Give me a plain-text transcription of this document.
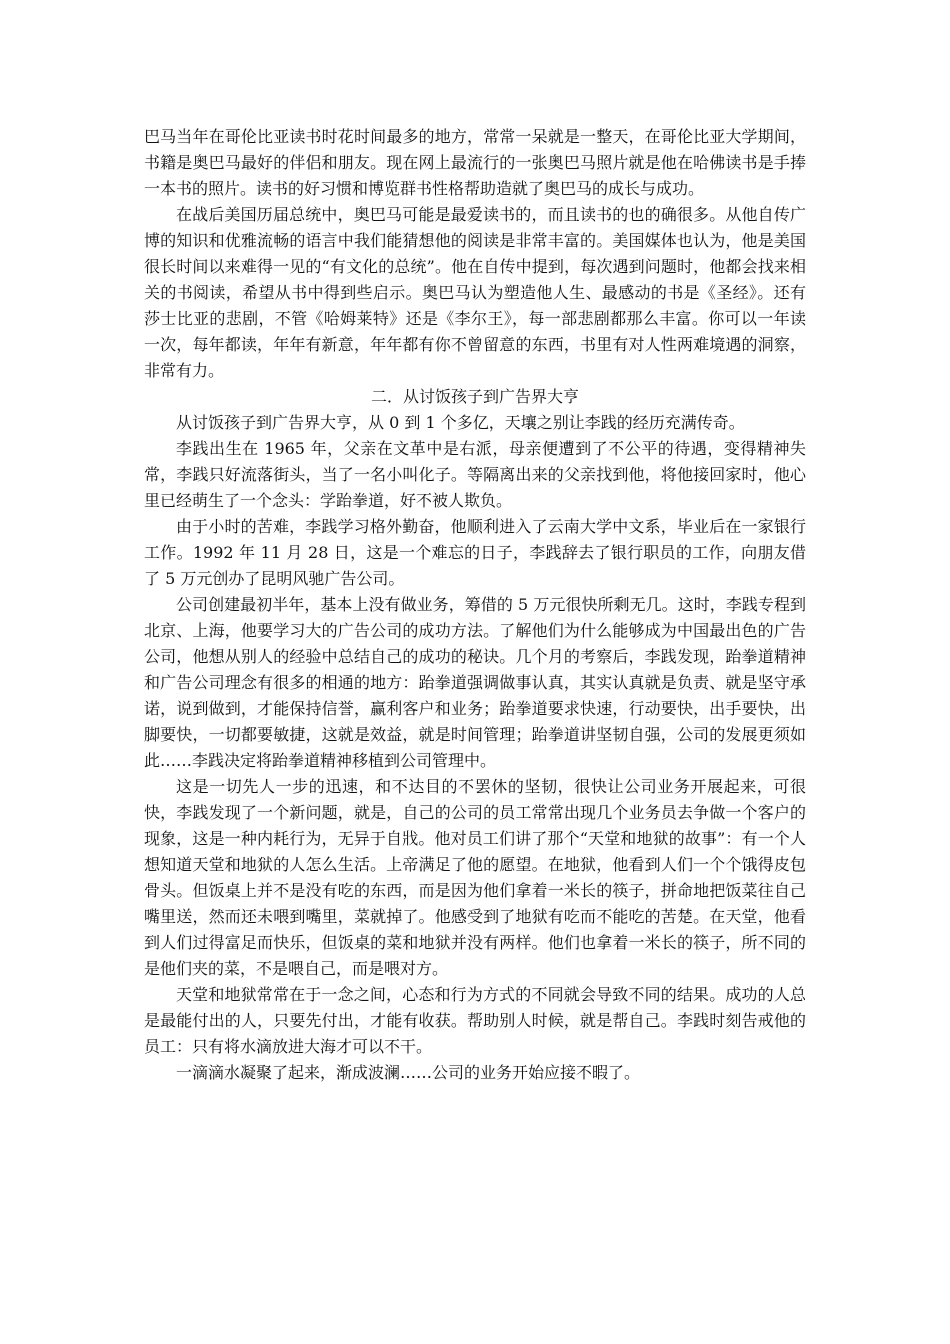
巴马当年在哥伦比亚读书时花时间最多的地方，常常一呆就是一整天，在哥伦比亚大学期间，书籍是奥巴马最好的伴侣和朋友。现在网上最流行的一张奥巴马照片就是他在哈佛读书是手捧一本书的照片。读书的好习惯和博览群书性格帮助造就了奥巴马的成长与成功。

在战后美国历届总统中，奥巴马可能是最爱读书的，而且读书的也的确很多。从他自传广博的知识和优雅流畅的语言中我们能猜想他的阅读是非常丰富的。美国媒体也认为，他是美国很长时间以来难得一见的“有文化的总统”。他在自传中提到，每次遇到问题时，他都会找来相关的书阅读，希望从书中得到些启示。奥巴马认为塑造他人生、最感动的书是《圣经》。还有莎士比亚的悲剧，不管《哈姆莱特》还是《李尔王》，每一部悲剧都那么丰富。你可以一年读一次，每年都读，年年有新意，年年都有你不曾留意的东西，书里有对人性两难境遇的洞察，非常有力。

二．从讨饭孩子到广告界大亨

从讨饭孩子到广告界大亨，从 0 到 1 个多亿，天壤之别让李践的经历充满传奇。

李践出生在 1965 年，父亲在文革中是右派，母亲便遭到了不公平的待遇，变得精神失常，李践只好流落街头，当了一名小叫化子。等隔离出来的父亲找到他，将他接回家时，他心里已经萌生了一个念头：学跆拳道，好不被人欺负。

由于小时的苦难，李践学习格外勤奋，他顺利进入了云南大学中文系，毕业后在一家银行工作。1992 年 11 月 28 日，这是一个难忘的日子，李践辞去了银行职员的工作，向朋友借了 5 万元创办了昆明风驰广告公司。

公司创建最初半年，基本上没有做业务，筹借的 5 万元很快所剩无几。这时，李践专程到北京、上海，他要学习大的广告公司的成功方法。了解他们为什么能够成为中国最出色的广告公司，他想从别人的经验中总结自己的成功的秘诀。几个月的考察后，李践发现，跆拳道精神和广告公司理念有很多的相通的地方：跆拳道强调做事认真，其实认真就是负责、就是坚守承诺，说到做到，才能保持信誉，赢利客户和业务；跆拳道要求快速，行动要快，出手要快，出脚要快，一切都要敏捷，这就是效益，就是时间管理；跆拳道讲坚韧自强，公司的发展更须如此……李践决定将跆拳道精神移植到公司管理中。

这是一切先人一步的迅速，和不达目的不罢休的坚韧，很快让公司业务开展起来，可很快，李践发现了一个新问题，就是，自己的公司的员工常常出现几个业务员去争做一个客户的现象，这是一种内耗行为，无异于自戕。他对员工们讲了那个“天堂和地狱的故事”：有一个人想知道天堂和地狱的人怎么生活。上帝满足了他的愿望。在地狱，他看到人们一个个饿得皮包骨头。但饭桌上并不是没有吃的东西，而是因为他们拿着一米长的筷子，拼命地把饭菜往自己嘴里送，然而还未喂到嘴里，菜就掉了。他感受到了地狱有吃而不能吃的苦楚。在天堂，他看到人们过得富足而快乐，但饭桌的菜和地狱并没有两样。他们也拿着一米长的筷子，所不同的是他们夹的菜，不是喂自己，而是喂对方。

天堂和地狱常常在于一念之间，心态和行为方式的不同就会导致不同的结果。成功的人总是最能付出的人，只要先付出，才能有收获。帮助别人时候，就是帮自己。李践时刻告戒他的员工：只有将水滴放进大海才可以不干。

一滴滴水凝聚了起来，渐成波澜……公司的业务开始应接不暇了。
